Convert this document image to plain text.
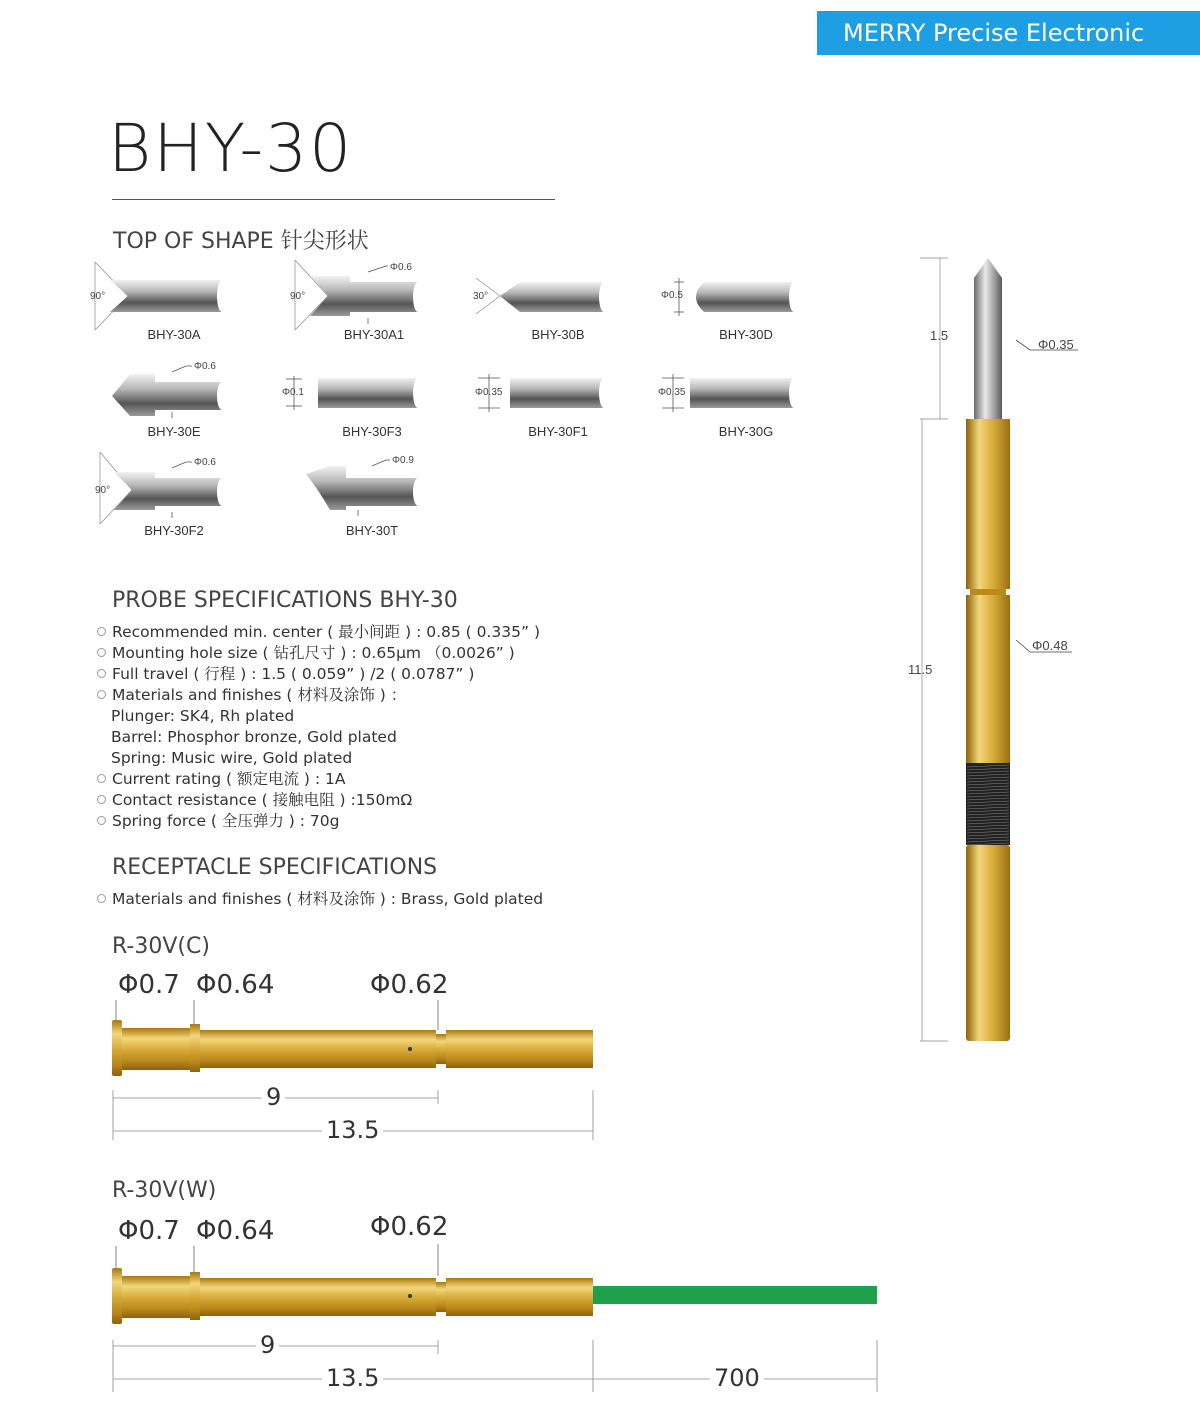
MERRY Precise Electronic
BHY-30
TOP OF SHAPE 针尖形状
BHY-30A
90°
BHY-30A1
90°
Φ0.6
BHY-30B
30°
BHY-30D
Φ0.5
BHY-30E
Φ0.6
BHY-30F3
Φ0.1
BHY-30F1
Φ0.35
BHY-30G
Φ0.35
BHY-30F2
90°
Φ0.6
BHY-30T
Φ0.9
PROBE SPECIFICATIONS BHY-30
Recommended min. center ( 最小间距 ) : 0.85 ( 0.335” )
Mounting hole size ( 钻孔尺寸 ) : 0.65μm （0.0026” )
Full travel ( 行程 ) : 1.5 ( 0.059” ) /2 ( 0.0787” )
Materials and finishes ( 材料及涂饰 ) ：
Plunger: SK4, Rh plated
Barrel: Phosphor bronze, Gold plated
Spring: Music wire, Gold plated
Current rating ( 额定电流 ) : 1A
Contact resistance ( 接触电阻 ) :150mΩ
Spring force ( 全压弹力 ) : 70g
RECEPTACLE SPECIFICATIONS
Materials and finishes ( 材料及涂饰 ) : Brass, Gold plated
R-30V(C)
Φ0.7 Φ0.64	Φ0.62
9
13.5
R-30V(W)
Φ0.7 Φ0.64	Φ0.62
9
13.5	700
1.5
11.5
Φ0.35
Φ0.48
